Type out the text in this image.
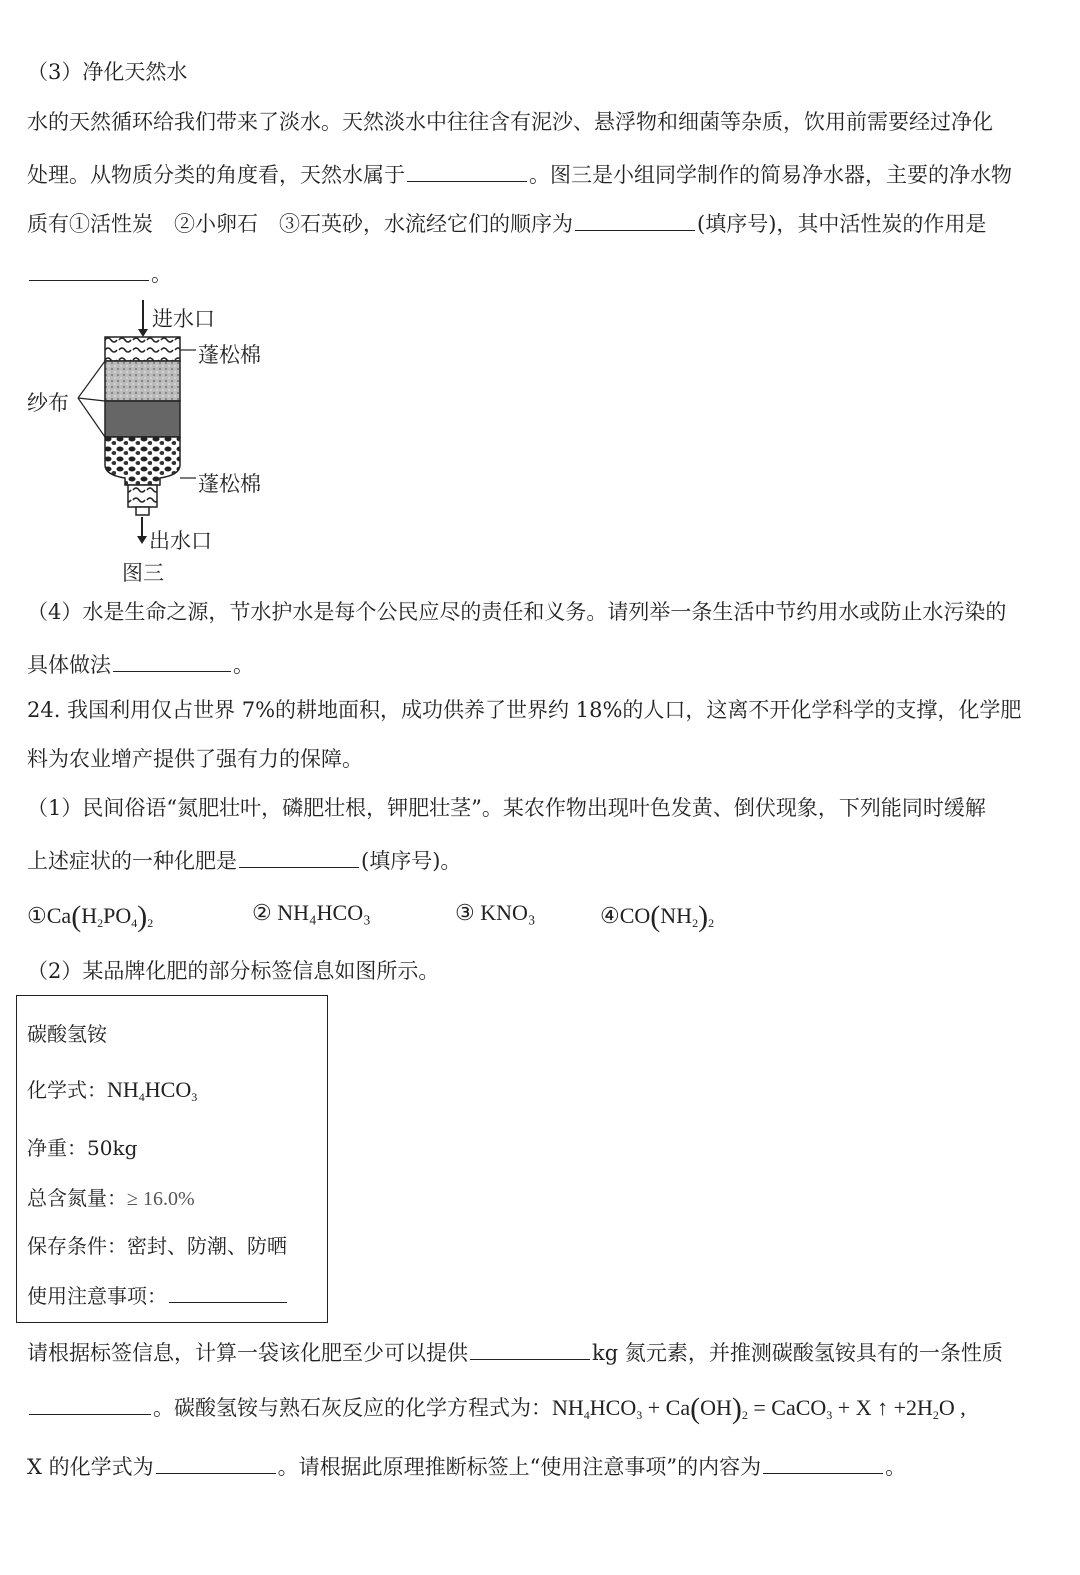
（3）净化天然水
水的天然循环给我们带来了淡水。天然淡水中往往含有泥沙、悬浮物和细菌等杂质，饮用前需要经过净化
处理。从物质分类的角度看，天然水属于	。图三是小组同学制作的简易净水器，主要的净水物
质有①活性炭　②小卵石　③石英砂，水流经它们的顺序为	(填序号)，其中活性炭的作用是
。
进水口
蓬松棉
纱布
蓬松棉
出水口
图三
（4）水是生命之源，节水护水是每个公民应尽的责任和义务。请列举一条生活中节约用水或防止水污染的
具体做法	。
24. 我国利用仅占世界 7%的耕地面积，成功供养了世界约 18%的人口，这离不开化学科学的支撑，化学肥
料为农业增产提供了强有力的保障。
（1）民间俗语“氮肥壮叶，磷肥壮根，钾肥壮茎”。某农作物出现叶色发黄、倒伏现象，下列能同时缓解
上述症状的一种化肥是	(填序号)。
$①Ca(H_2PO_4)_2$	② NH₄HCO₃	③ KNO₃	$④CO(NH_2)_2$
（2）某品牌化肥的部分标签信息如图所示。
碳酸氢铵
化学式：$NH_4HCO_3$
净重：50kg
总含氮量：≥ 16.0%
保存条件：密封、防潮、防晒
使用注意事项：
请根据标签信息，计算一袋该化肥至少可以提供	kg 氮元素，并推测碳酸氢铵具有的一条性质
。碳酸氢铵与熟石灰反应的化学方程式为：$NH_4HCO_3 + Ca(OH)_2$ = CaCO$_3$ + X ↑ $+2H_2O$ ,
X 的化学式为	。请根据此原理推断标签上“使用注意事项”的内容为	。
